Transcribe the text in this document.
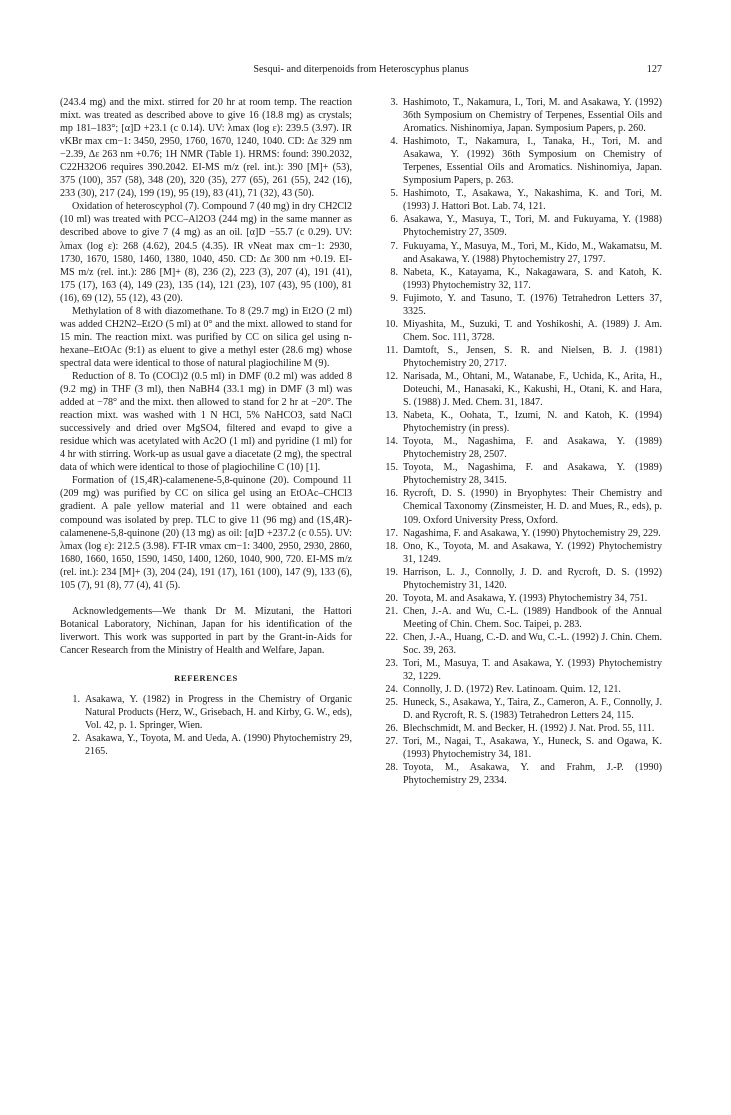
Sesqui- and diterpenoids from Heteroscyphus planus	127

(243.4 mg) and the mixt. stirred for 20 hr at room temp. The reaction mixt. was treated as described above to give 16 (18.8 mg) as crystals; mp 181–183°; [α]D +23.1 (c 0.14). UV: λmax (log ε): 239.5 (3.97). IR νKBr max cm−1: 3450, 2950, 1760, 1670, 1240, 1040. CD: Δε 329 nm −2.39, Δε 263 nm +0.76; 1H NMR (Table 1). HRMS: found: 390.2032, C22H32O6 requires 390.2042. EI-MS m/z (rel. int.): 390 [M]+ (53), 375 (100), 357 (58), 348 (20), 320 (35), 277 (65), 261 (55), 242 (16), 233 (30), 217 (24), 199 (19), 95 (19), 83 (41), 71 (32), 43 (50).

Oxidation of heteroscyphol (7). Compound 7 (40 mg) in dry CH2Cl2 (10 ml) was treated with PCC–Al2O3 (244 mg) in the same manner as described above to give 7 (4 mg) as an oil. [α]D −55.7 (c 0.29). UV: λmax (log ε): 268 (4.62), 204.5 (4.35). IR νNeat max cm−1: 2930, 1730, 1670, 1580, 1460, 1380, 1040, 450. CD: Δε 300 nm +0.19. EI-MS m/z (rel. int.): 286 [M]+ (8), 236 (2), 223 (3), 207 (4), 191 (41), 175 (17), 163 (4), 149 (23), 135 (14), 121 (23), 107 (43), 95 (100), 81 (16), 69 (12), 55 (12), 43 (20).

Methylation of 8 with diazomethane. To 8 (29.7 mg) in Et2O (2 ml) was added CH2N2–Et2O (5 ml) at 0° and the mixt. allowed to stand for 15 min. The reaction mixt. was purified by CC on silica gel using n-hexane–EtOAc (9:1) as eluent to give a methyl ester (28.6 mg) whose spectral data were identical to those of natural plagiochiline M (9).

Reduction of 8. To (COCl)2 (0.5 ml) in DMF (0.2 ml) was added 8 (9.2 mg) in THF (3 ml), then NaBH4 (33.1 mg) in DMF (3 ml) was added at −78° and the mixt. then allowed to stand for 2 hr at −20°. The reaction mixt. was washed with 1 N HCl, 5% NaHCO3, satd NaCl successively and dried over MgSO4, filtered and evapd to give a residue which was acetylated with Ac2O (1 ml) and pyridine (1 ml) for 4 hr with stirring. Work-up as usual gave a diacetate (2 mg), the spectral data of which were identical to those of plagiochiline C (10) [1].

Formation of (1S,4R)-calamenene-5,8-quinone (20). Compound 11 (209 mg) was purified by CC on silica gel using an EtOAc–CHCl3 gradient. A pale yellow material and 11 were obtained and each compound was isolated by prep. TLC to give 11 (96 mg) and (1S,4R)-calamenene-5,8-quinone (20) (13 mg) as oil: [α]D +237.2 (c 0.55). UV: λmax (log ε): 212.5 (3.98). FT-IR νmax cm−1: 3400, 2950, 2930, 2860, 1680, 1660, 1650, 1590, 1450, 1400, 1260, 1040, 900, 720. EI-MS m/z (rel. int.): 234 [M]+ (3), 204 (24), 191 (17), 161 (100), 147 (9), 133 (6), 105 (7), 91 (8), 77 (4), 41 (5).

Acknowledgements—We thank Dr M. Mizutani, the Hattori Botanical Laboratory, Nichinan, Japan for his identification of the liverwort. This work was supported in part by the Grant-in-Aids for Cancer Research from the Ministry of Health and Welfare, Japan.

REFERENCES
1. Asakawa, Y. (1982) in Progress in the Chemistry of Organic Natural Products (Herz, W., Grisebach, H. and Kirby, G. W., eds), Vol. 42, p. 1. Springer, Wien.
2. Asakawa, Y., Toyota, M. and Ueda, A. (1990) Phytochemistry 29, 2165.
3. Hashimoto, T., Nakamura, I., Tori, M. and Asakawa, Y. (1992) 36th Symposium on Chemistry of Terpenes, Essential Oils and Aromatics. Nishinomiya, Japan. Symposium Papers, p. 260.
4. Hashimoto, T., Nakamura, I., Tanaka, H., Tori, M. and Asakawa, Y. (1992) 36th Symposium on Chemistry of Terpenes, Essential Oils and Aromatics. Nishinomiya, Japan. Symposium Papers, p. 263.
5. Hashimoto, T., Asakawa, Y., Nakashima, K. and Tori, M. (1993) J. Hattori Bot. Lab. 74, 121.
6. Asakawa, Y., Masuya, T., Tori, M. and Fukuyama, Y. (1988) Phytochemistry 27, 3509.
7. Fukuyama, Y., Masuya, M., Tori, M., Kido, M., Wakamatsu, M. and Asakawa, Y. (1988) Phytochemistry 27, 1797.
8. Nabeta, K., Katayama, K., Nakagawara, S. and Katoh, K. (1993) Phytochemistry 32, 117.
9. Fujimoto, Y. and Tasuno, T. (1976) Tetrahedron Letters 37, 3325.
10. Miyashita, M., Suzuki, T. and Yoshikoshi, A. (1989) J. Am. Chem. Soc. 111, 3728.
11. Damtoft, S., Jensen, S. R. and Nielsen, B. J. (1981) Phytochemistry 20, 2717.
12. Narisada, M., Ohtani, M., Watanabe, F., Uchida, K., Arita, H., Doteuchi, M., Hanasaki, K., Kakushi, H., Otani, K. and Hara, S. (1988) J. Med. Chem. 31, 1847.
13. Nabeta, K., Oohata, T., Izumi, N. and Katoh, K. (1994) Phytochemistry (in press).
14. Toyota, M., Nagashima, F. and Asakawa, Y. (1989) Phytochemistry 28, 2507.
15. Toyota, M., Nagashima, F. and Asakawa, Y. (1989) Phytochemistry 28, 3415.
16. Rycroft, D. S. (1990) in Bryophytes: Their Chemistry and Chemical Taxonomy (Zinsmeister, H. D. and Mues, R., eds), p. 109. Oxford University Press, Oxford.
17. Nagashima, F. and Asakawa, Y. (1990) Phytochemistry 29, 229.
18. Ono, K., Toyota, M. and Asakawa, Y. (1992) Phytochemistry 31, 1249.
19. Harrison, L. J., Connolly, J. D. and Rycroft, D. S. (1992) Phytochemistry 31, 1420.
20. Toyota, M. and Asakawa, Y. (1993) Phytochemistry 34, 751.
21. Chen, J.-A. and Wu, C.-L. (1989) Handbook of the Annual Meeting of Chin. Chem. Soc. Taipei, p. 283.
22. Chen, J.-A., Huang, C.-D. and Wu, C.-L. (1992) J. Chin. Chem. Soc. 39, 263.
23. Tori, M., Masuya, T. and Asakawa, Y. (1993) Phytochemistry 32, 1229.
24. Connolly, J. D. (1972) Rev. Latinoam. Quim. 12, 121.
25. Huneck, S., Asakawa, Y., Taira, Z., Cameron, A. F., Connolly, J. D. and Rycroft, R. S. (1983) Tetrahedron Letters 24, 115.
26. Blechschmidt, M. and Becker, H. (1992) J. Nat. Prod. 55, 111.
27. Tori, M., Nagai, T., Asakawa, Y., Huneck, S. and Ogawa, K. (1993) Phytochemistry 34, 181.
28. Toyota, M., Asakawa, Y. and Frahm, J.-P. (1990) Phytochemistry 29, 2334.
